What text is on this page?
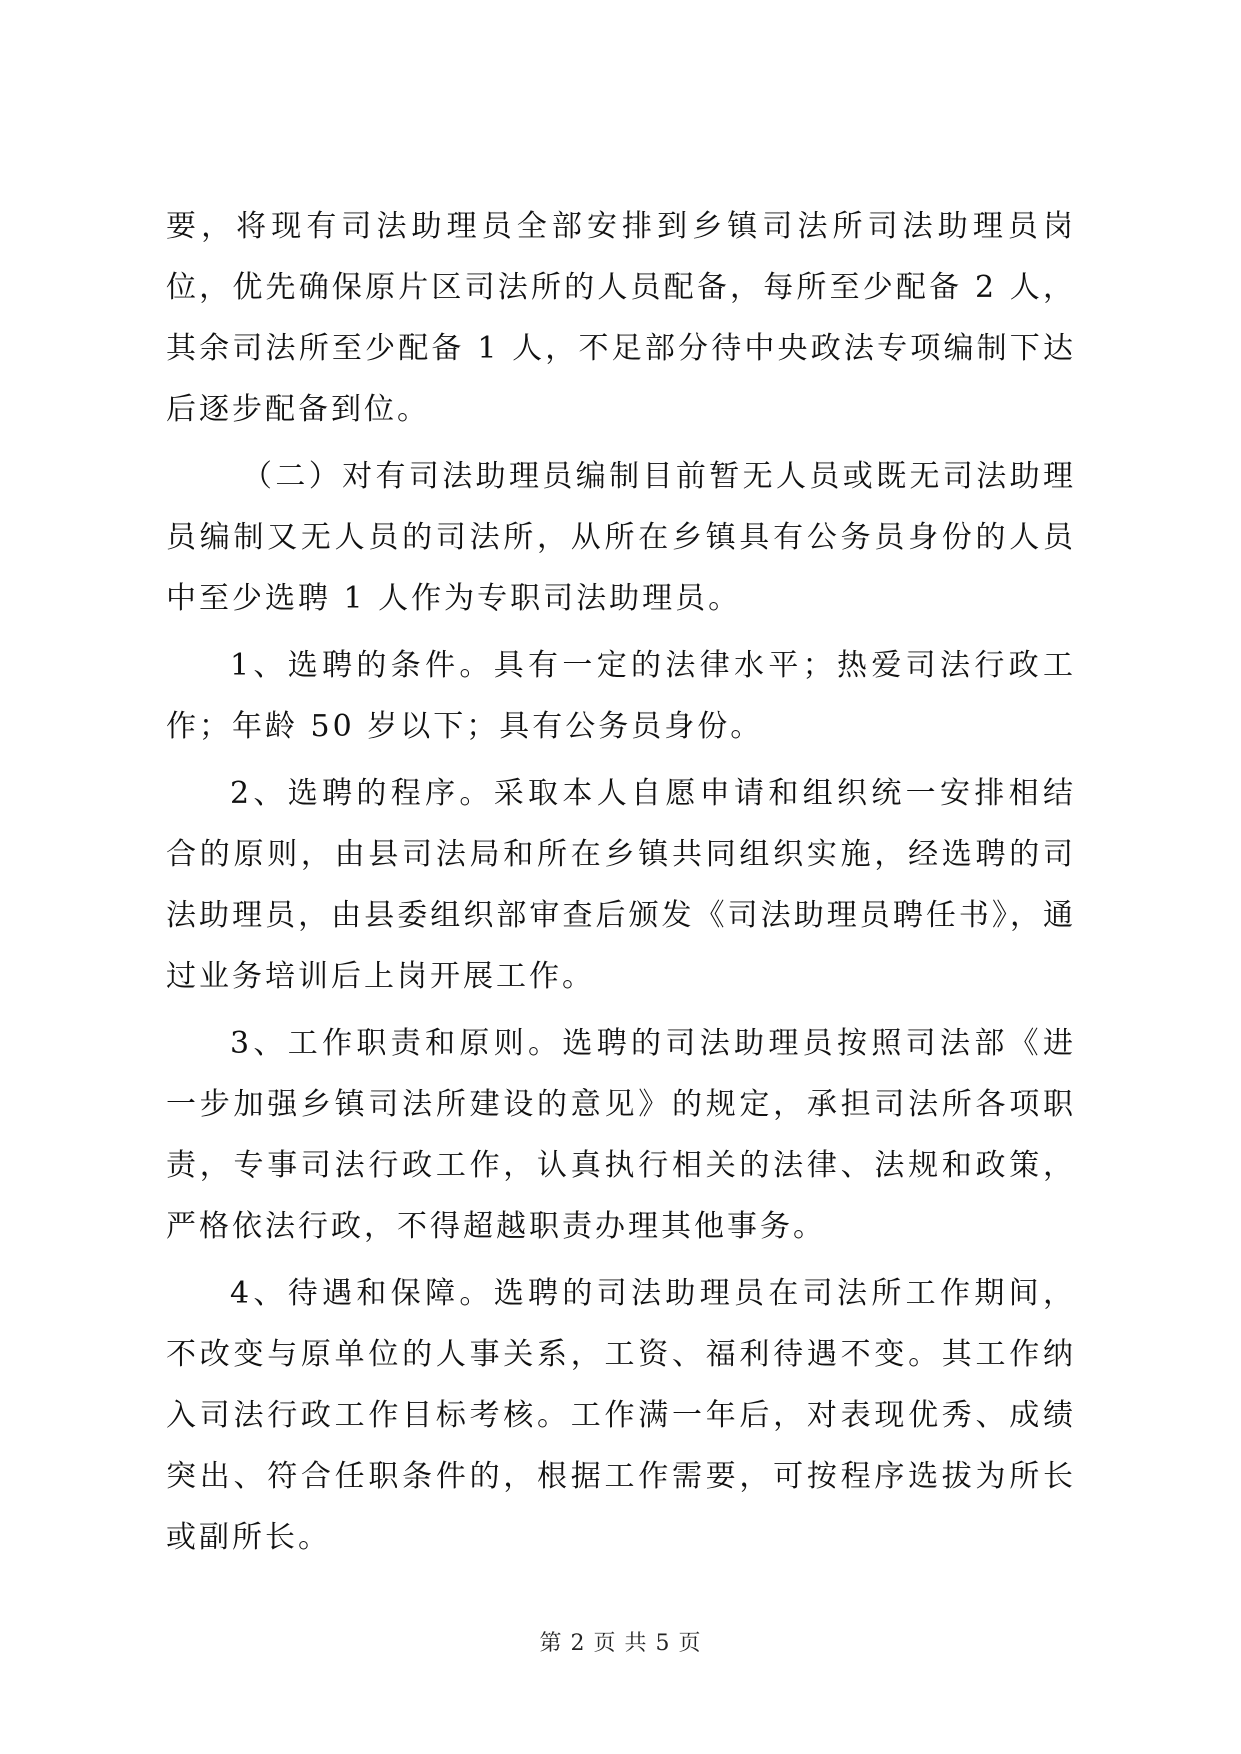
要，将现有司法助理员全部安排到乡镇司法所司法助理员岗位，优先确保原片区司法所的人员配备，每所至少配备 2 人，其余司法所至少配备 1 人，不足部分待中央政法专项编制下达后逐步配备到位。

（二）对有司法助理员编制目前暂无人员或既无司法助理员编制又无人员的司法所，从所在乡镇具有公务员身份的人员中至少选聘 1 人作为专职司法助理员。

1、选聘的条件。具有一定的法律水平；热爱司法行政工作；年龄 50 岁以下；具有公务员身份。

2、选聘的程序。采取本人自愿申请和组织统一安排相结合的原则，由县司法局和所在乡镇共同组织实施，经选聘的司法助理员，由县委组织部审查后颁发《司法助理员聘任书》，通过业务培训后上岗开展工作。

3、工作职责和原则。选聘的司法助理员按照司法部《进一步加强乡镇司法所建设的意见》的规定，承担司法所各项职责，专事司法行政工作，认真执行相关的法律、法规和政策，严格依法行政，不得超越职责办理其他事务。

4、待遇和保障。选聘的司法助理员在司法所工作期间，不改变与原单位的人事关系，工资、福利待遇不变。其工作纳入司法行政工作目标考核。工作满一年后，对表现优秀、成绩突出、符合任职条件的，根据工作需要，可按程序选拔为所长或副所长。

第 2 页 共 5 页
